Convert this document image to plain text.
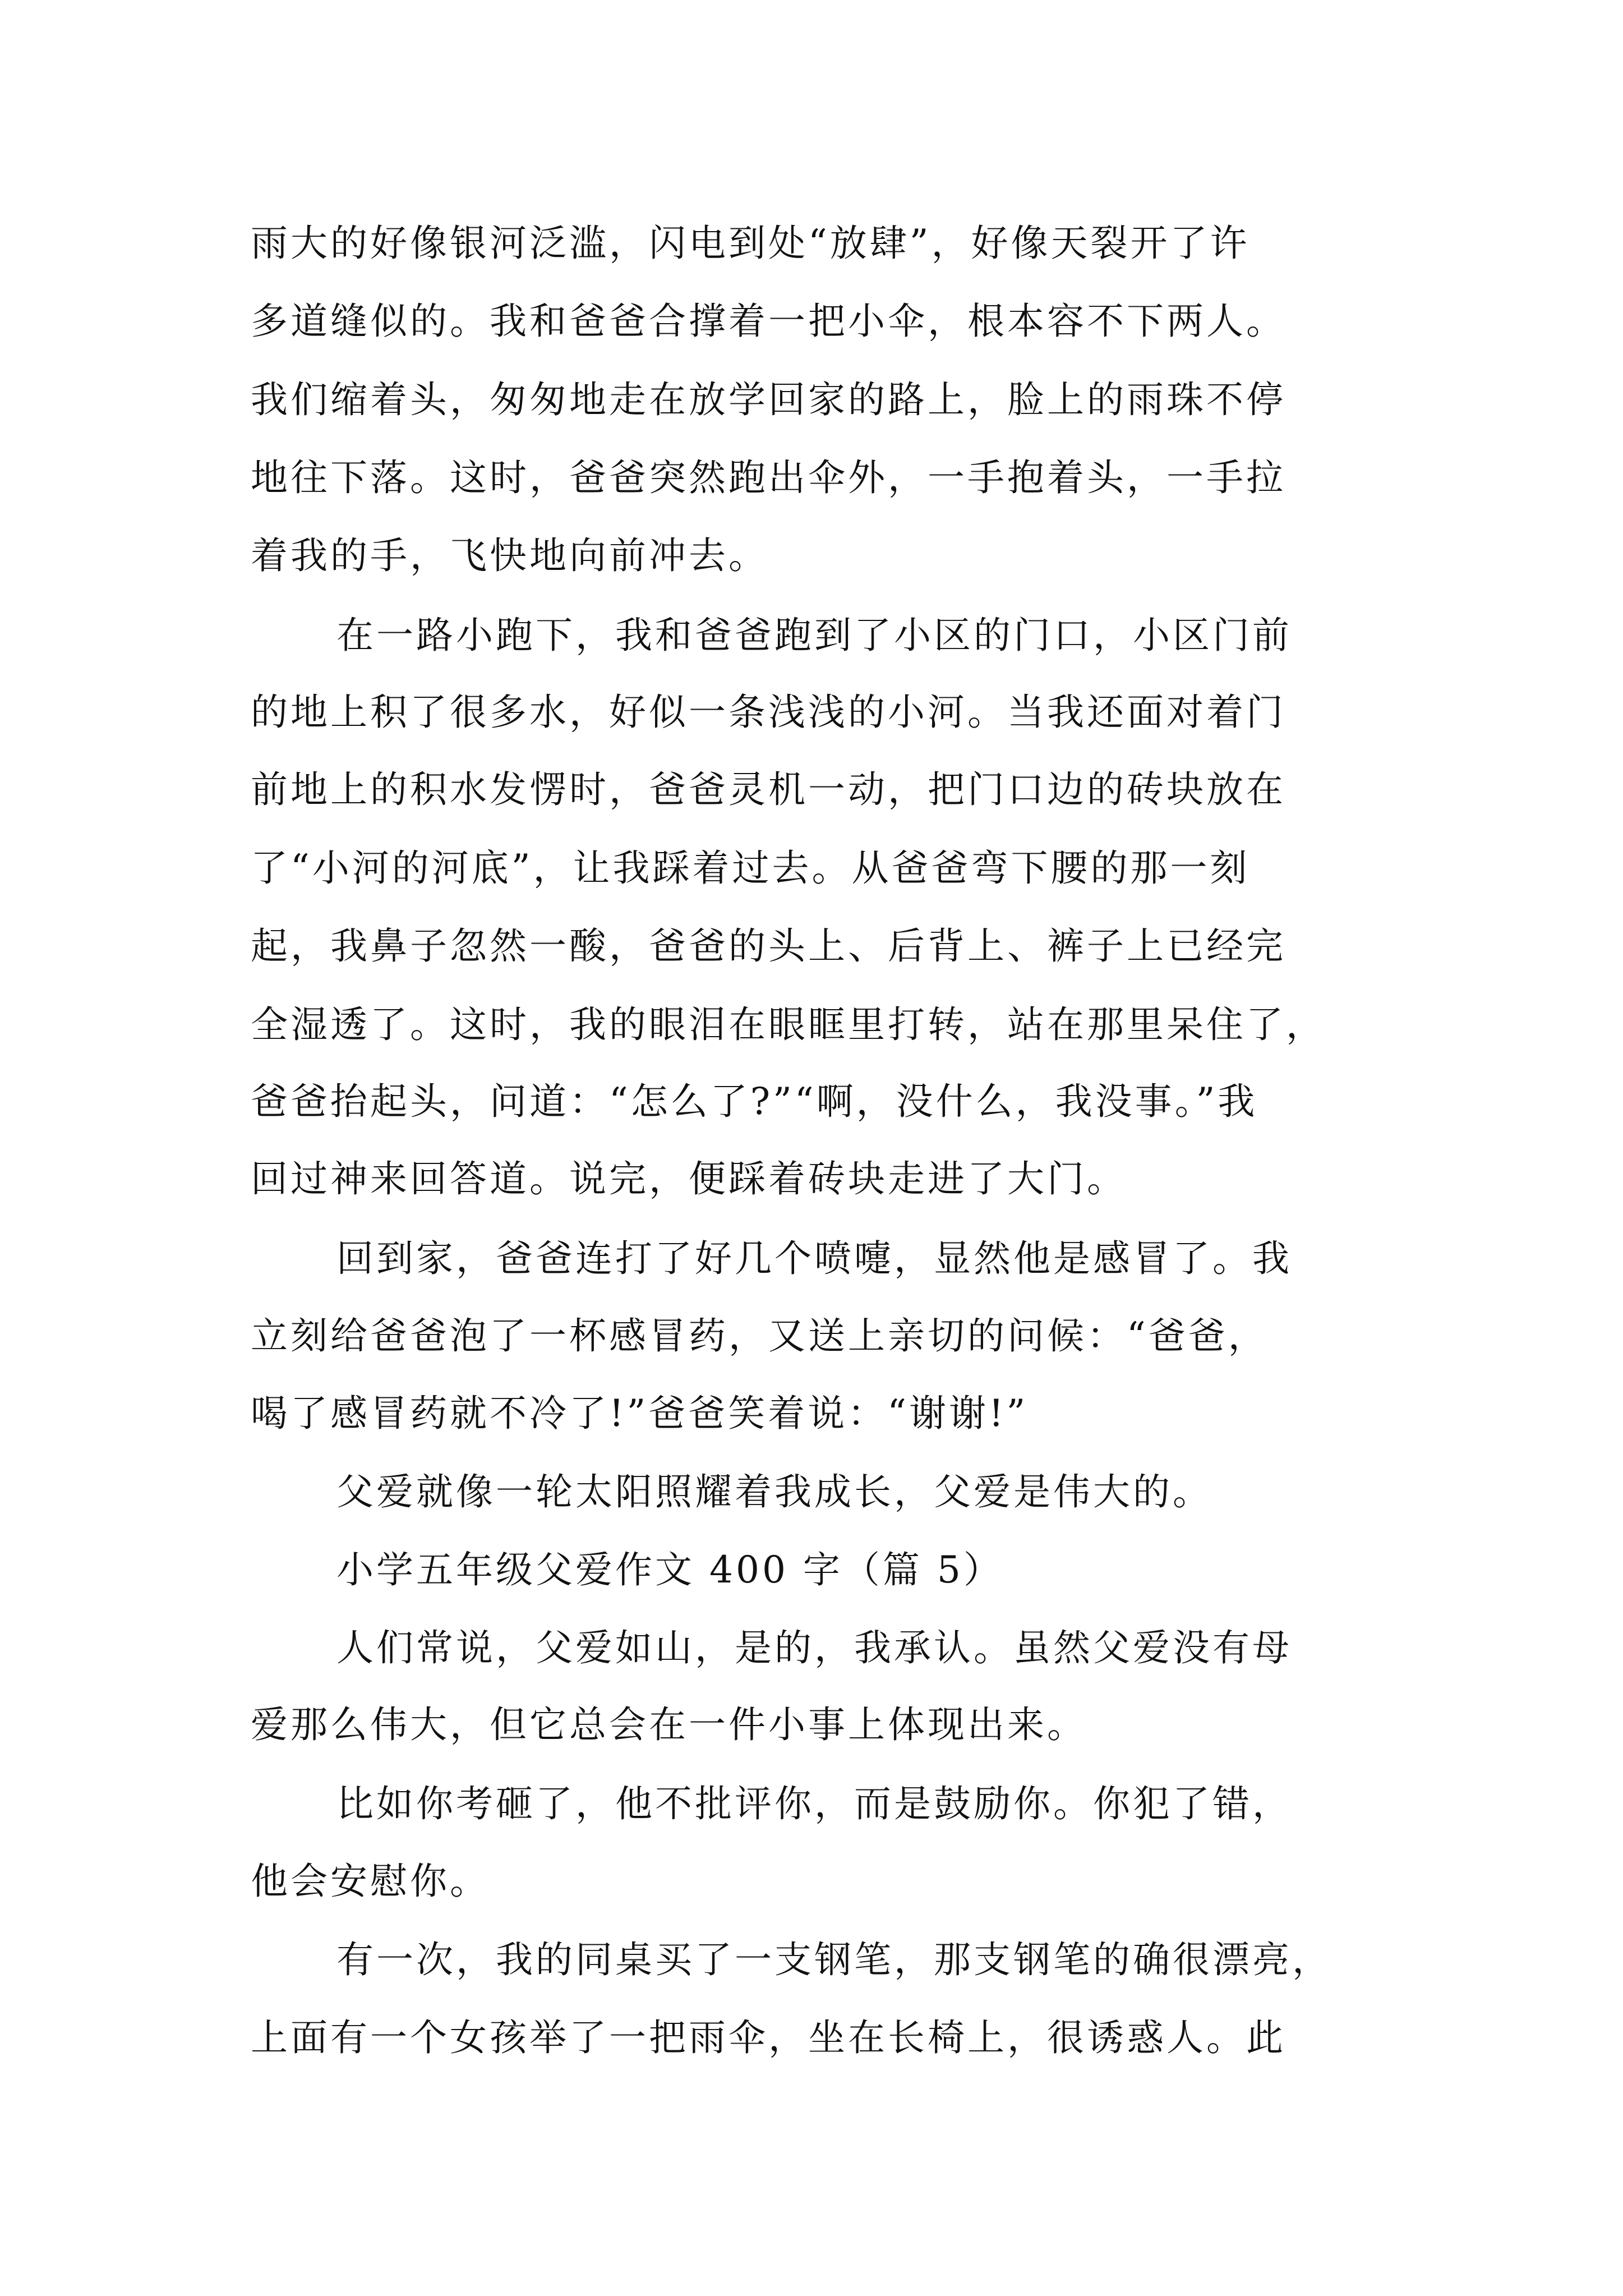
雨大的好像银河泛滥，闪电到处“放肆”，好像天裂开了许
多道缝似的。我和爸爸合撑着一把小伞，根本容不下两人。
我们缩着头，匆匆地走在放学回家的路上，脸上的雨珠不停
地往下落。这时，爸爸突然跑出伞外，一手抱着头，一手拉
着我的手，飞快地向前冲去。
在一路小跑下，我和爸爸跑到了小区的门口，小区门前
的地上积了很多水，好似一条浅浅的小河。当我还面对着门
前地上的积水发愣时，爸爸灵机一动，把门口边的砖块放在
了“小河的河底”，让我踩着过去。从爸爸弯下腰的那一刻
起，我鼻子忽然一酸，爸爸的头上、后背上、裤子上已经完
全湿透了。这时，我的眼泪在眼眶里打转，站在那里呆住了，
爸爸抬起头，问道：“怎么了?”“啊，没什么，我没事。”我
回过神来回答道。说完，便踩着砖块走进了大门。
回到家，爸爸连打了好几个喷嚏，显然他是感冒了。我
立刻给爸爸泡了一杯感冒药，又送上亲切的问候：“爸爸，
喝了感冒药就不冷了!”爸爸笑着说：“谢谢!”
父爱就像一轮太阳照耀着我成长，父爱是伟大的。
小学五年级父爱作文 400 字（篇 5）
人们常说，父爱如山，是的，我承认。虽然父爱没有母
爱那么伟大，但它总会在一件小事上体现出来。
比如你考砸了，他不批评你，而是鼓励你。你犯了错，
他会安慰你。
有一次，我的同桌买了一支钢笔，那支钢笔的确很漂亮，
上面有一个女孩举了一把雨伞，坐在长椅上，很诱惑人。此
